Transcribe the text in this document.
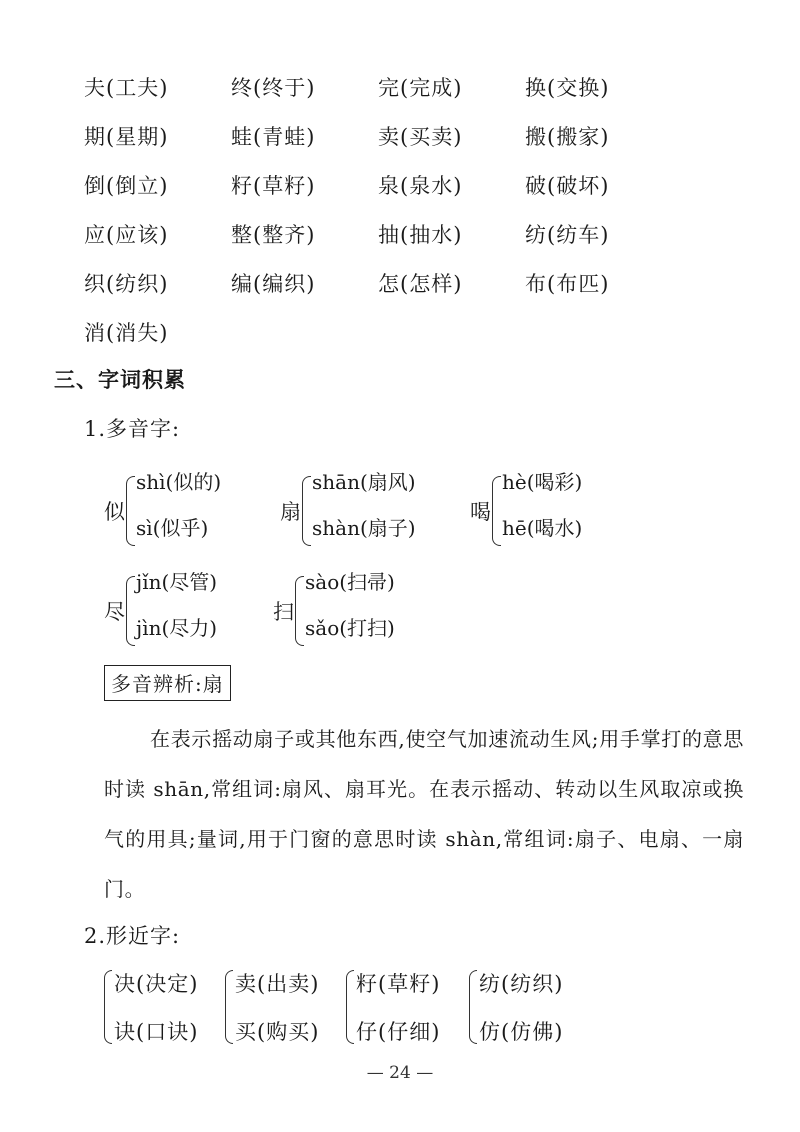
夫(工夫)	终(终于)	完(完成)	换(交换)
期(星期)	蛙(青蛙)	卖(买卖)	搬(搬家)
倒(倒立)	籽(草籽)	泉(泉水)	破(破坏)
应(应该)	整(整齐)	抽(抽水)	纺(纺车)
织(纺织)	编(编织)	怎(怎样)	布(布匹)
消(消失)
三、字词积累
1.多音字:
似
shì(似的)
sì(似乎)
扇
shān(扇风)
shàn(扇子)
喝
hè(喝彩)
hē(喝水)
尽
jǐn(尽管)
jìn(尽力)
扫
sào(扫帚)
sǎo(打扫)
多音辨析:扇
在表示摇动扇子或其他东西,使空气加速流动生风;用手掌打的意思时读 shān,常组词:扇风、扇耳光。在表示摇动、转动以生风取凉或换气的用具;量词,用于门窗的意思时读 shàn,常组词:扇子、电扇、一扇门。
2.形近字:
决(决定)
诀(口诀)
卖(出卖)
买(购买)
籽(草籽)
仔(仔细)
纺(纺织)
仿(仿佛)
— 24 —
